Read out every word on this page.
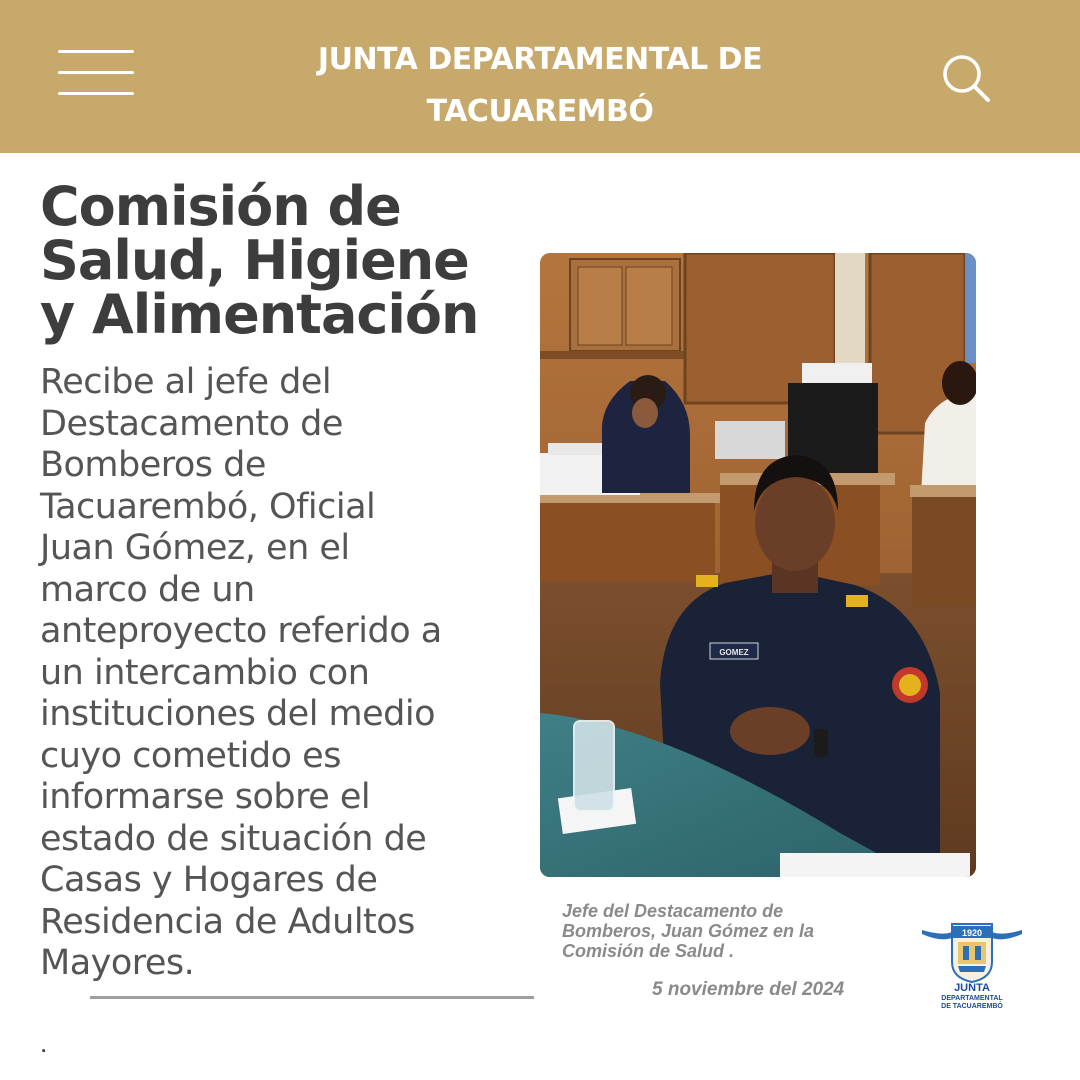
JUNTA DEPARTAMENTAL DE
TACUAREMBÓ
Comisión de
Salud, Higiene
y Alimentación
Recibe al jefe del
Destacamento de
Bomberos de
Tacuarembó, Oficial
Juan Gómez, en el
marco de un
anteproyecto referido a
un intercambio con
instituciones del medio
cuyo cometido es
informarse sobre el
estado de situación de
Casas y Hogares de
Residencia de Adultos
Mayores.
.
GOMEZ
Jefe del Destacamento de
Bomberos, Juan Gómez en la
Comisión de Salud .
5 noviembre del 2024
1920
JUNTA
DEPARTAMENTAL
DE TACUAREMBÓ
